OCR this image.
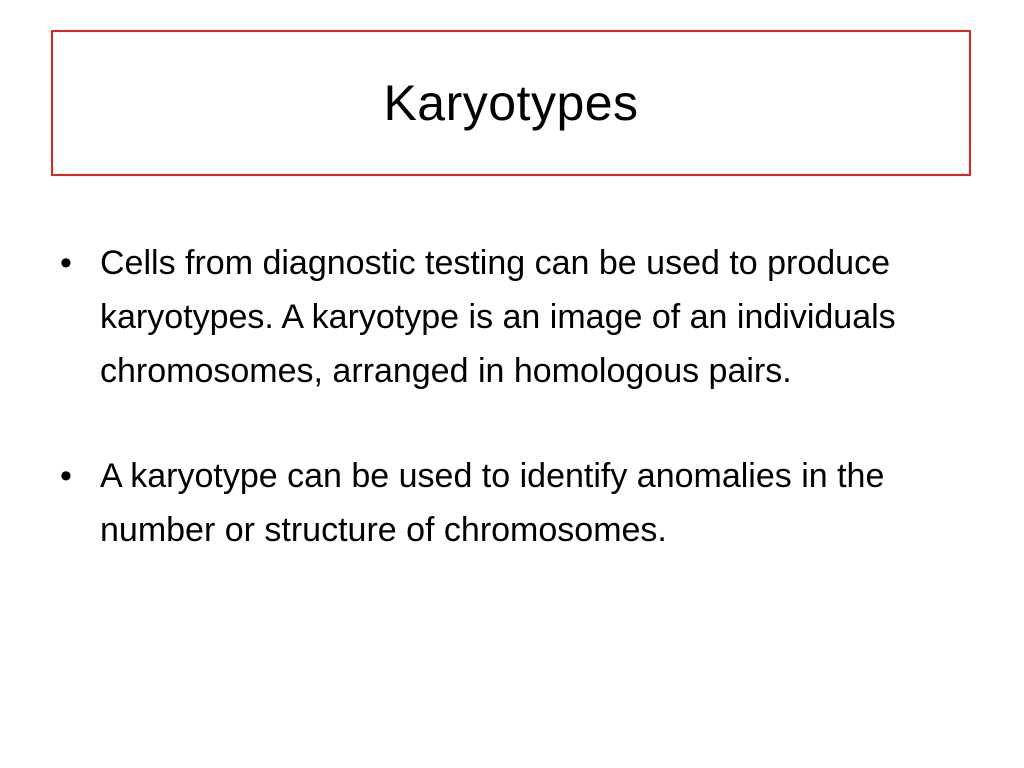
Karyotypes
• Cells from diagnostic testing can be used to produce karyotypes. A karyotype is an image of an individuals chromosomes, arranged in homologous pairs.
• A karyotype can be used to identify anomalies in the number or structure of chromosomes.
